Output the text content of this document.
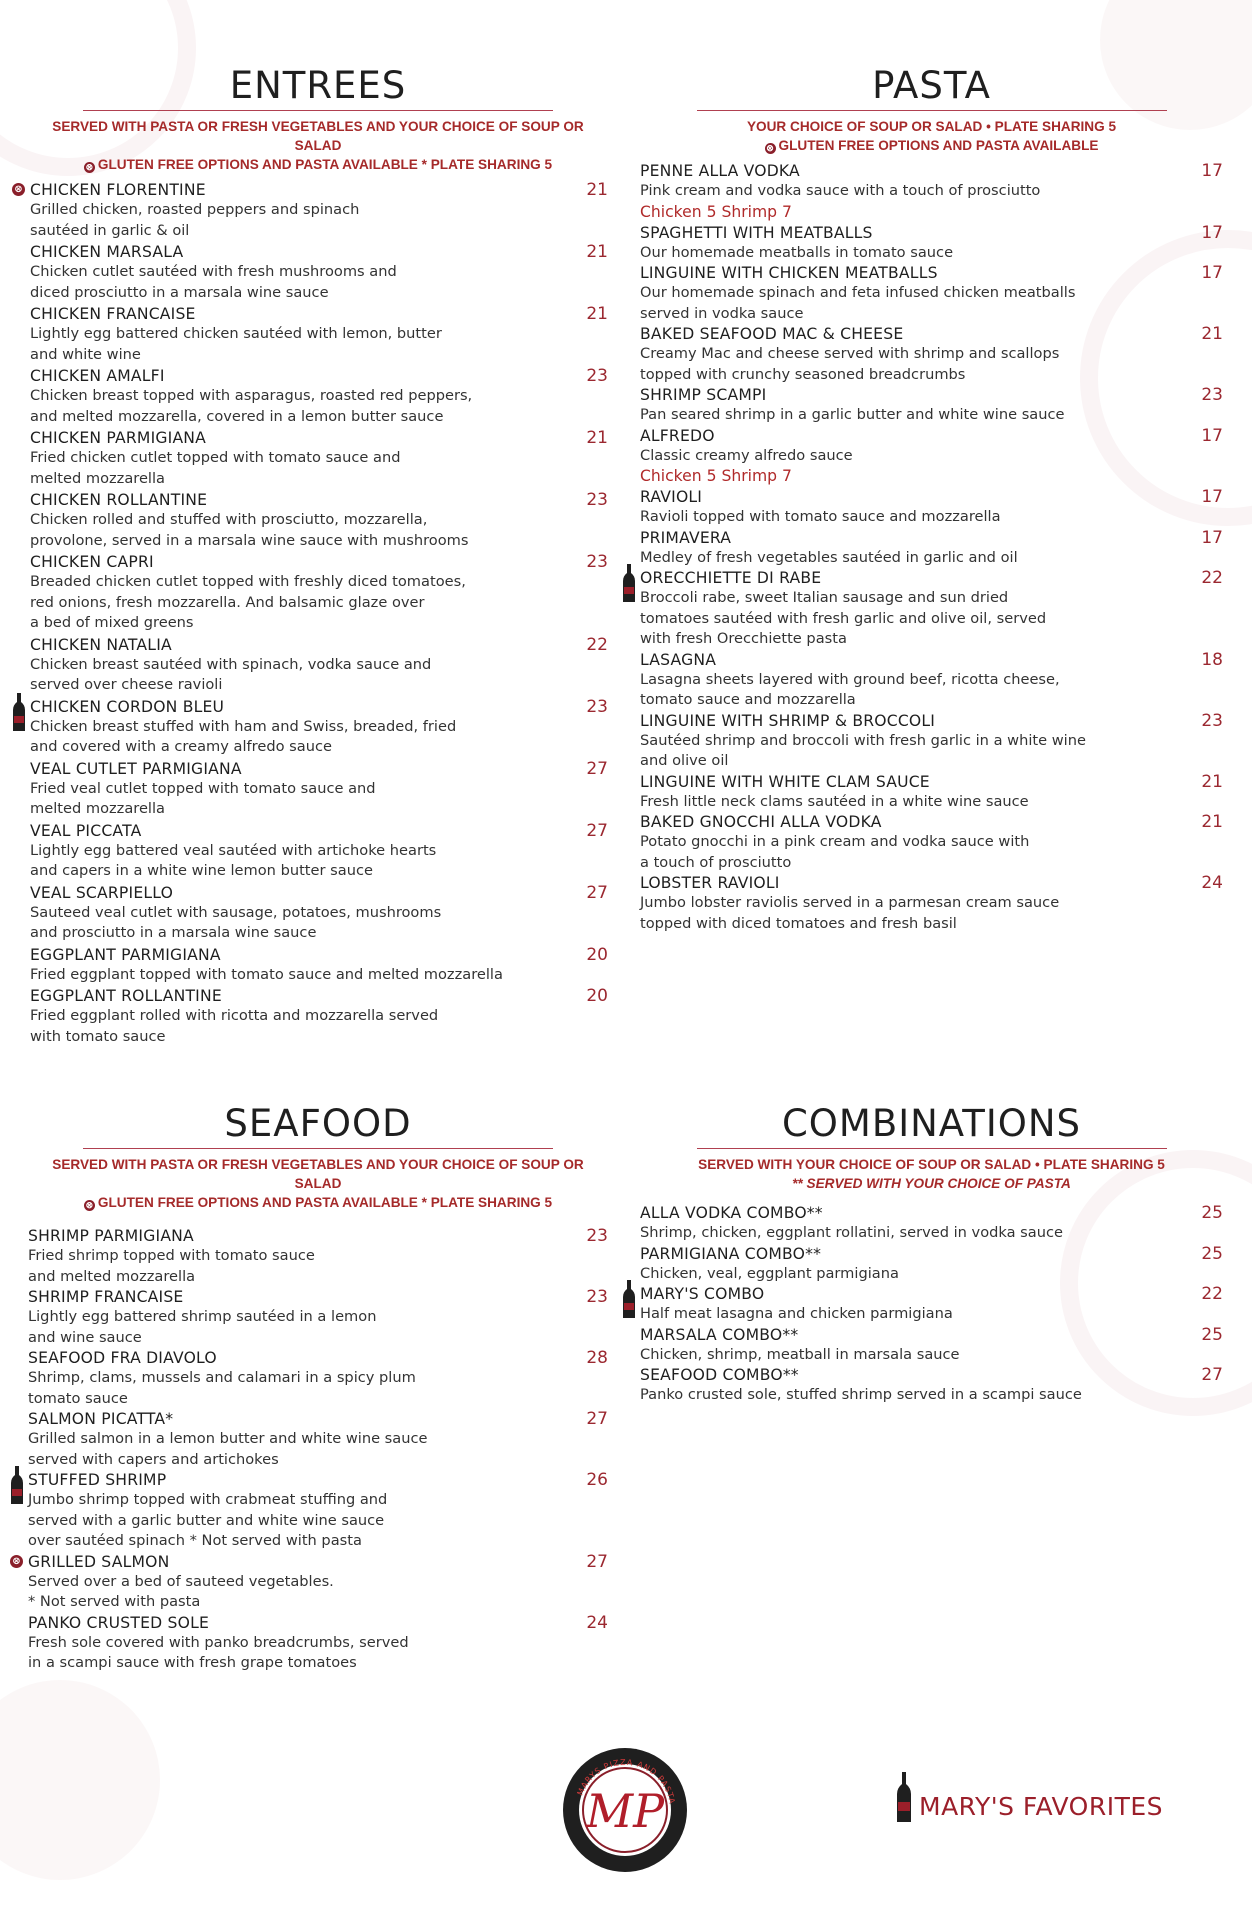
ENTREES
SERVED WITH PASTA OR FRESH VEGETABLES AND YOUR CHOICE OF SOUP OR SALAD
⊗ GLUTEN FREE OPTIONS AND PASTA AVAILABLE * PLATE SHARING 5
⊗ CHICKEN FLORENTINE	21
Grilled chicken, roasted peppers and spinach
sautéed in garlic & oil
CHICKEN MARSALA	21
Chicken cutlet sautéed with fresh mushrooms and
diced prosciutto in a marsala wine sauce
CHICKEN FRANCAISE	21
Lightly egg battered chicken sautéed with lemon, butter
and white wine
CHICKEN AMALFI	23
Chicken breast topped with asparagus, roasted red peppers,
and melted mozzarella, covered in a lemon butter sauce
CHICKEN PARMIGIANA	21
Fried chicken cutlet topped with tomato sauce and
melted mozzarella
CHICKEN ROLLANTINE	23
Chicken rolled and stuffed with prosciutto, mozzarella,
provolone, served in a marsala wine sauce with mushrooms
CHICKEN CAPRI	23
Breaded chicken cutlet topped with freshly diced tomatoes,
red onions, fresh mozzarella. And balsamic glaze over
a bed of mixed greens
CHICKEN NATALIA	22
Chicken breast sautéed with spinach, vodka sauce and
served over cheese ravioli
CHICKEN CORDON BLEU	23
Chicken breast stuffed with ham and Swiss, breaded, fried
and covered with a creamy alfredo sauce
VEAL CUTLET PARMIGIANA	27
Fried veal cutlet topped with tomato sauce and
melted mozzarella
VEAL PICCATA	27
Lightly egg battered veal sautéed with artichoke hearts
and capers in a white wine lemon butter sauce
VEAL SCARPIELLO	27
Sauteed veal cutlet with sausage, potatoes, mushrooms
and prosciutto in a marsala wine sauce
EGGPLANT PARMIGIANA	20
Fried eggplant topped with tomato sauce and melted mozzarella
EGGPLANT ROLLANTINE	20
Fried eggplant rolled with ricotta and mozzarella served
with tomato sauce
PASTA
YOUR CHOICE OF SOUP OR SALAD • PLATE SHARING 5
⊗ GLUTEN FREE OPTIONS AND PASTA AVAILABLE
PENNE ALLA VODKA	17
Pink cream and vodka sauce with a touch of prosciutto
Chicken 5 Shrimp 7
SPAGHETTI WITH MEATBALLS	17
Our homemade meatballs in tomato sauce
LINGUINE WITH CHICKEN MEATBALLS	17
Our homemade spinach and feta infused chicken meatballs
served in vodka sauce
BAKED SEAFOOD MAC & CHEESE	21
Creamy Mac and cheese served with shrimp and scallops
topped with crunchy seasoned breadcrumbs
SHRIMP SCAMPI	23
Pan seared shrimp in a garlic butter and white wine sauce
ALFREDO	17
Classic creamy alfredo sauce
Chicken 5 Shrimp 7
RAVIOLI	17
Ravioli topped with tomato sauce and mozzarella
PRIMAVERA	17
Medley of fresh vegetables sautéed in garlic and oil
ORECCHIETTE DI RABE	22
Broccoli rabe, sweet Italian sausage and sun dried
tomatoes sautéed with fresh garlic and olive oil, served
with fresh Orecchiette pasta
LASAGNA	18
Lasagna sheets layered with ground beef, ricotta cheese,
tomato sauce and mozzarella
LINGUINE WITH SHRIMP & BROCCOLI	23
Sautéed shrimp and broccoli with fresh garlic in a white wine
and olive oil
LINGUINE WITH WHITE CLAM SAUCE	21
Fresh little neck clams sautéed in a white wine sauce
BAKED GNOCCHI ALLA VODKA	21
Potato gnocchi in a pink cream and vodka sauce with
a touch of prosciutto
LOBSTER RAVIOLI	24
Jumbo lobster raviolis served in a parmesan cream sauce
topped with diced tomatoes and fresh basil
SEAFOOD
SERVED WITH PASTA OR FRESH VEGETABLES AND YOUR CHOICE OF SOUP OR SALAD
⊗ GLUTEN FREE OPTIONS AND PASTA AVAILABLE * PLATE SHARING 5
SHRIMP PARMIGIANA	23
Fried shrimp topped with tomato sauce
and melted mozzarella
SHRIMP FRANCAISE	23
Lightly egg battered shrimp sautéed in a lemon
and wine sauce
SEAFOOD FRA DIAVOLO	28
Shrimp, clams, mussels and calamari in a spicy plum
tomato sauce
SALMON PICATTA*	27
Grilled salmon in a lemon butter and white wine sauce
served with capers and artichokes
STUFFED SHRIMP	26
Jumbo shrimp topped with crabmeat stuffing and
served with a garlic butter and white wine sauce
over sautéed spinach * Not served with pasta
⊗ GRILLED SALMON	27
Served over a bed of sauteed vegetables.
* Not served with pasta
PANKO CRUSTED SOLE	24
Fresh sole covered with panko breadcrumbs, served
in a scampi sauce with fresh grape tomatoes
COMBINATIONS
SERVED WITH YOUR CHOICE OF SOUP OR SALAD • PLATE SHARING 5
** SERVED WITH YOUR CHOICE OF PASTA
ALLA VODKA COMBO**	25
Shrimp, chicken, eggplant rollatini, served in vodka sauce
PARMIGIANA COMBO**	25
Chicken, veal, eggplant parmigiana
MARY'S COMBO	22
Half meat lasagna and chicken parmigiana
MARSALA COMBO**	25
Chicken, shrimp, meatball in marsala sauce
SEAFOOD COMBO**	27
Panko crusted sole, stuffed shrimp served in a scampi sauce
MARYS PIZZA AND PASTA
MP	MARY'S FAVORITES
